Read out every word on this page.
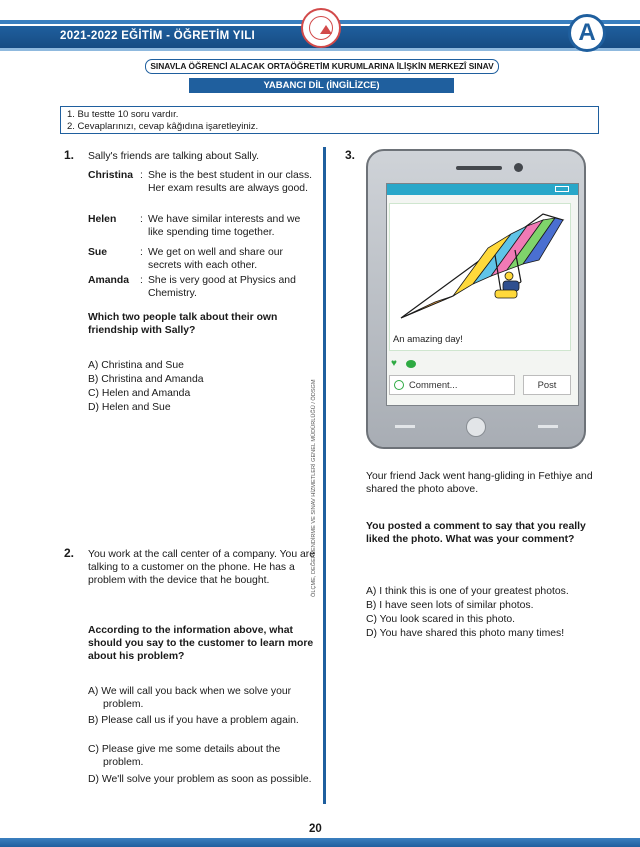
2021-2022 EĞİTİM - ÖĞRETİM YILI	A
SINAVLA ÖĞRENCİ ALACAK ORTAÖĞRETİM KURUMLARINA İLİŞKİN MERKEZÎ SINAV
YABANCI DİL (İNGİLİZCE)
1. Bu testte 10 soru vardır.
2. Cevaplarınızı, cevap kâğıdına işaretleyiniz.
ÖLÇME, DEĞERLENDİRME VE SINAV HİZMETLERİ GENEL MÜDÜRLÜĞÜ / ÖDSGM
1. Sally's friends are talking about Sally.
Christina : She is the best student in our class. Her exam results are always good.
Helen : We have similar interests and we like spending time together.
Sue	: We get on well and share our secrets with each other.
Amanda : She is very good at Physics and Chemistry.
Which two people talk about their own friendship with Sally?
A) Christina and Sue
B) Christina and Amanda
C) Helen and Amanda
D) Helen and Sue
2. You work at the call center of a company. You are talking to a customer on the phone. He has a problem with the device that he bought.
According to the information above, what should you say to the customer to learn more about his problem?
A) We will call you back when we solve your problem.
B) Please call us if you have a problem again.
C) Please give me some details about the problem.
D) We'll solve your problem as soon as possible.
3.
An amazing day!
♥
Comment...	Post
Your friend Jack went hang-gliding in Fethiye and shared the photo above.
You posted a comment to say that you really liked the photo. What was your comment?
A) I think this is one of your greatest photos.
B) I have seen lots of similar photos.
C) You look scared in this photo.
D) You have shared this photo many times!
20
